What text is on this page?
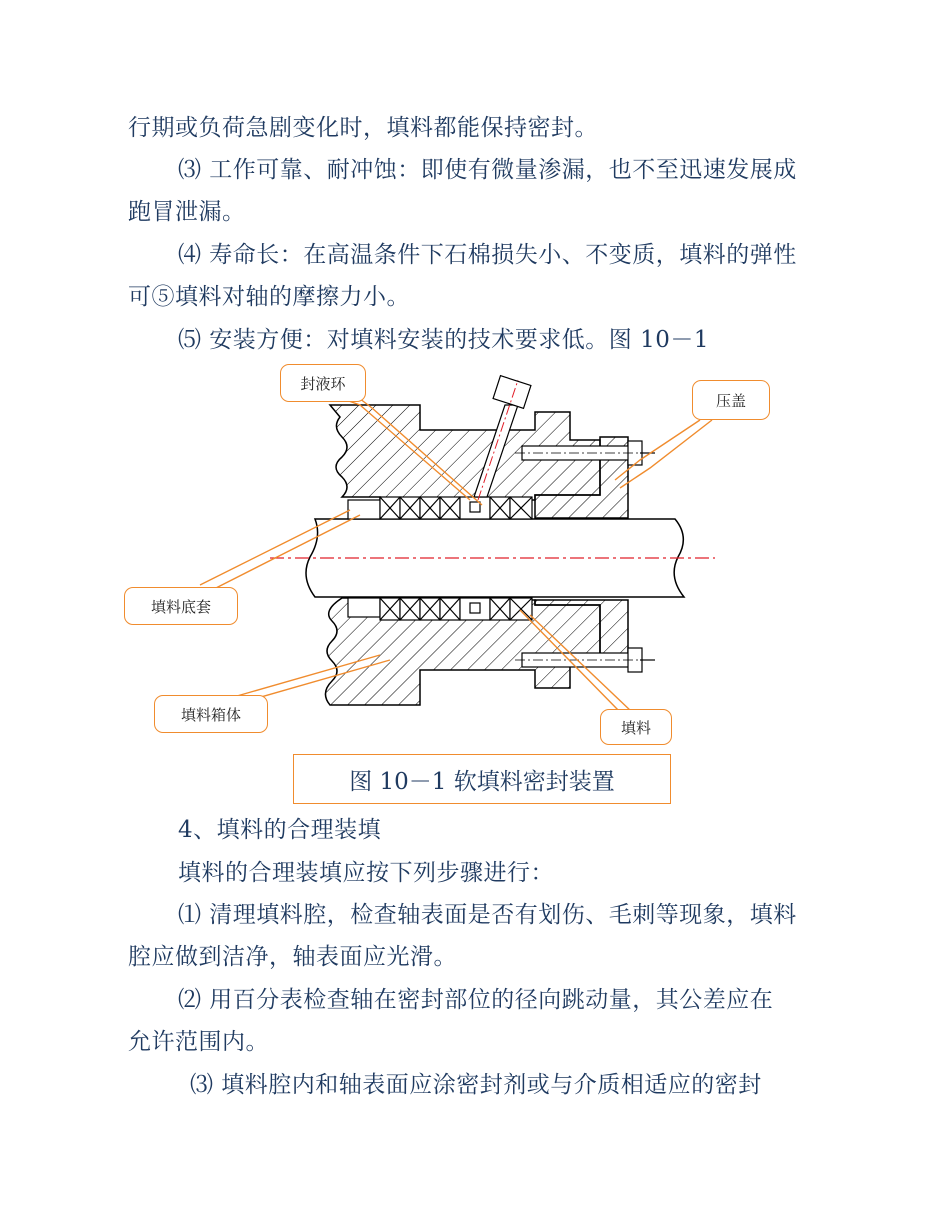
行期或负荷急剧变化时，填料都能保持密封。
⑶ 工作可靠、耐冲蚀：即使有微量渗漏，也不至迅速发展成
跑冒泄漏。
⑷ 寿命长：在高温条件下石棉损失小、不变质，填料的弹性
可⑤填料对轴的摩擦力小。
⑸ 安装方便：对填料安装的技术要求低。图 10－1
封液环
压盖
填料底套
填料箱体
填料
图 10－1 软填料密封装置
4、填料的合理装填
填料的合理装填应按下列步骤进行：
⑴ 清理填料腔，检查轴表面是否有划伤、毛刺等现象，填料
腔应做到洁净，轴表面应光滑。
⑵ 用百分表检查轴在密封部位的径向跳动量，其公差应在
允许范围内。
⑶ 填料腔内和轴表面应涂密封剂或与介质相适应的密封
